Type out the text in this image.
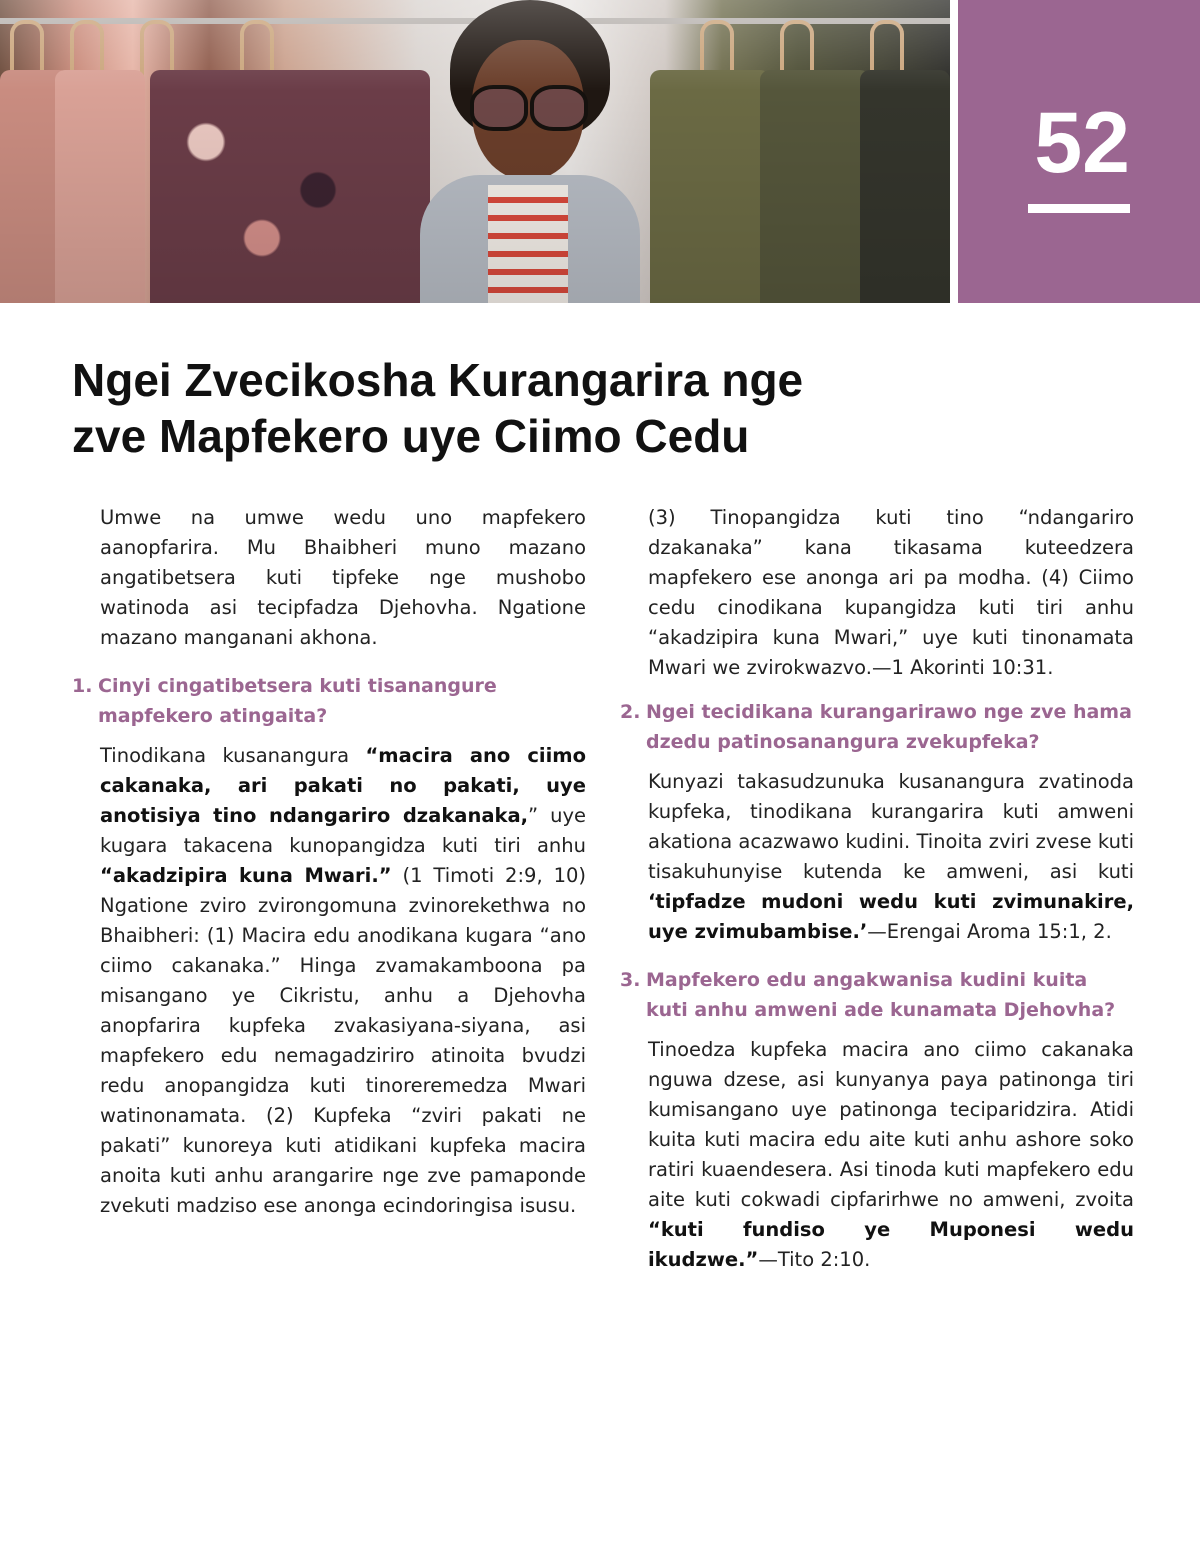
52
Ngei Zvecikosha Kurangarira nge
zve Mapfekero uye Ciimo Cedu

Umwe na umwe wedu uno mapfekero aanopfarira. Mu Bhaibheri muno mazano angatibetsera kuti tipfeke nge mushobo watinoda asi tecipfadza Djehovha. Ngatione mazano manganani akhona.

1. Cinyi cingatibetsera kuti tisanangure mapfekero atingaita?

Tinodikana kusanangura “macira ano ciimo cakanaka, ari pakati no pakati, uye anotisiya tino ndangariro dzakanaka,” uye kugara takacena kunopangidza kuti tiri anhu “akadzipira kuna Mwari.” (1 Timoti 2:9, 10) Ngatione zviro zvirongomuna zvinorekethwa no Bhaibheri: (1) Macira edu anodikana kugara “ano ciimo cakanaka.” Hinga zvamakamboona pa misangano ye Cikristu, anhu a Djehovha anopfarira kupfeka zvakasiyana-siyana, asi mapfekero edu nemagadziriro atinoita bvudzi redu anopangidza kuti tinoreremedza Mwari watinonamata. (2) Kupfeka “zviri pakati ne pakati” kunoreya kuti atidikani kupfeka macira anoita kuti anhu arangarire nge zve pamaponde zvekuti madziso ese anonga ecindoringisa isusu.

2. Ngei tecidikana kurangarirawo nge zve hama dzedu patinosanangura zvekupfeka?

Kunyazi takasudzunuka kusanangura zvatinoda kupfeka, tinodikana kurangarira kuti amweni akationa acazwawo kudini. Tinoita zviri zvese kuti tisakuhunyise kutenda ke amweni, asi kuti ‘tipfadze mudoni wedu kuti zvimunakire, uye zvimubambise.’—Erengai Aroma 15:1, 2.

3. Mapfekero edu angakwanisa kudini kuita kuti anhu amweni ade kunamata Djehovha?

Tinoedza kupfeka macira ano ciimo cakanaka nguwa dzese, asi kunyanya paya patinonga tiri kumisangano uye patinonga teciparidzira. Atidi kuita kuti macira edu aite kuti anhu ashore soko ratiri kuaendesera. Asi tinoda kuti mapfekero edu aite kuti cokwadi cipfarirhwe no amweni, zvoita “kuti fundiso ye Muponesi wedu ikudzwe.”—Tito 2:10.

(3) Tinopangidza kuti tino “ndangariro dzakanaka” kana tikasama kuteedzera mapfekero ese anonga ari pa modha. (4) Ciimo cedu cinodikana kupangidza kuti tiri anhu “akadzipira kuna Mwari,” uye kuti tinonamata Mwari we zvirokwazvo.—1 Akorinti 10:31.
